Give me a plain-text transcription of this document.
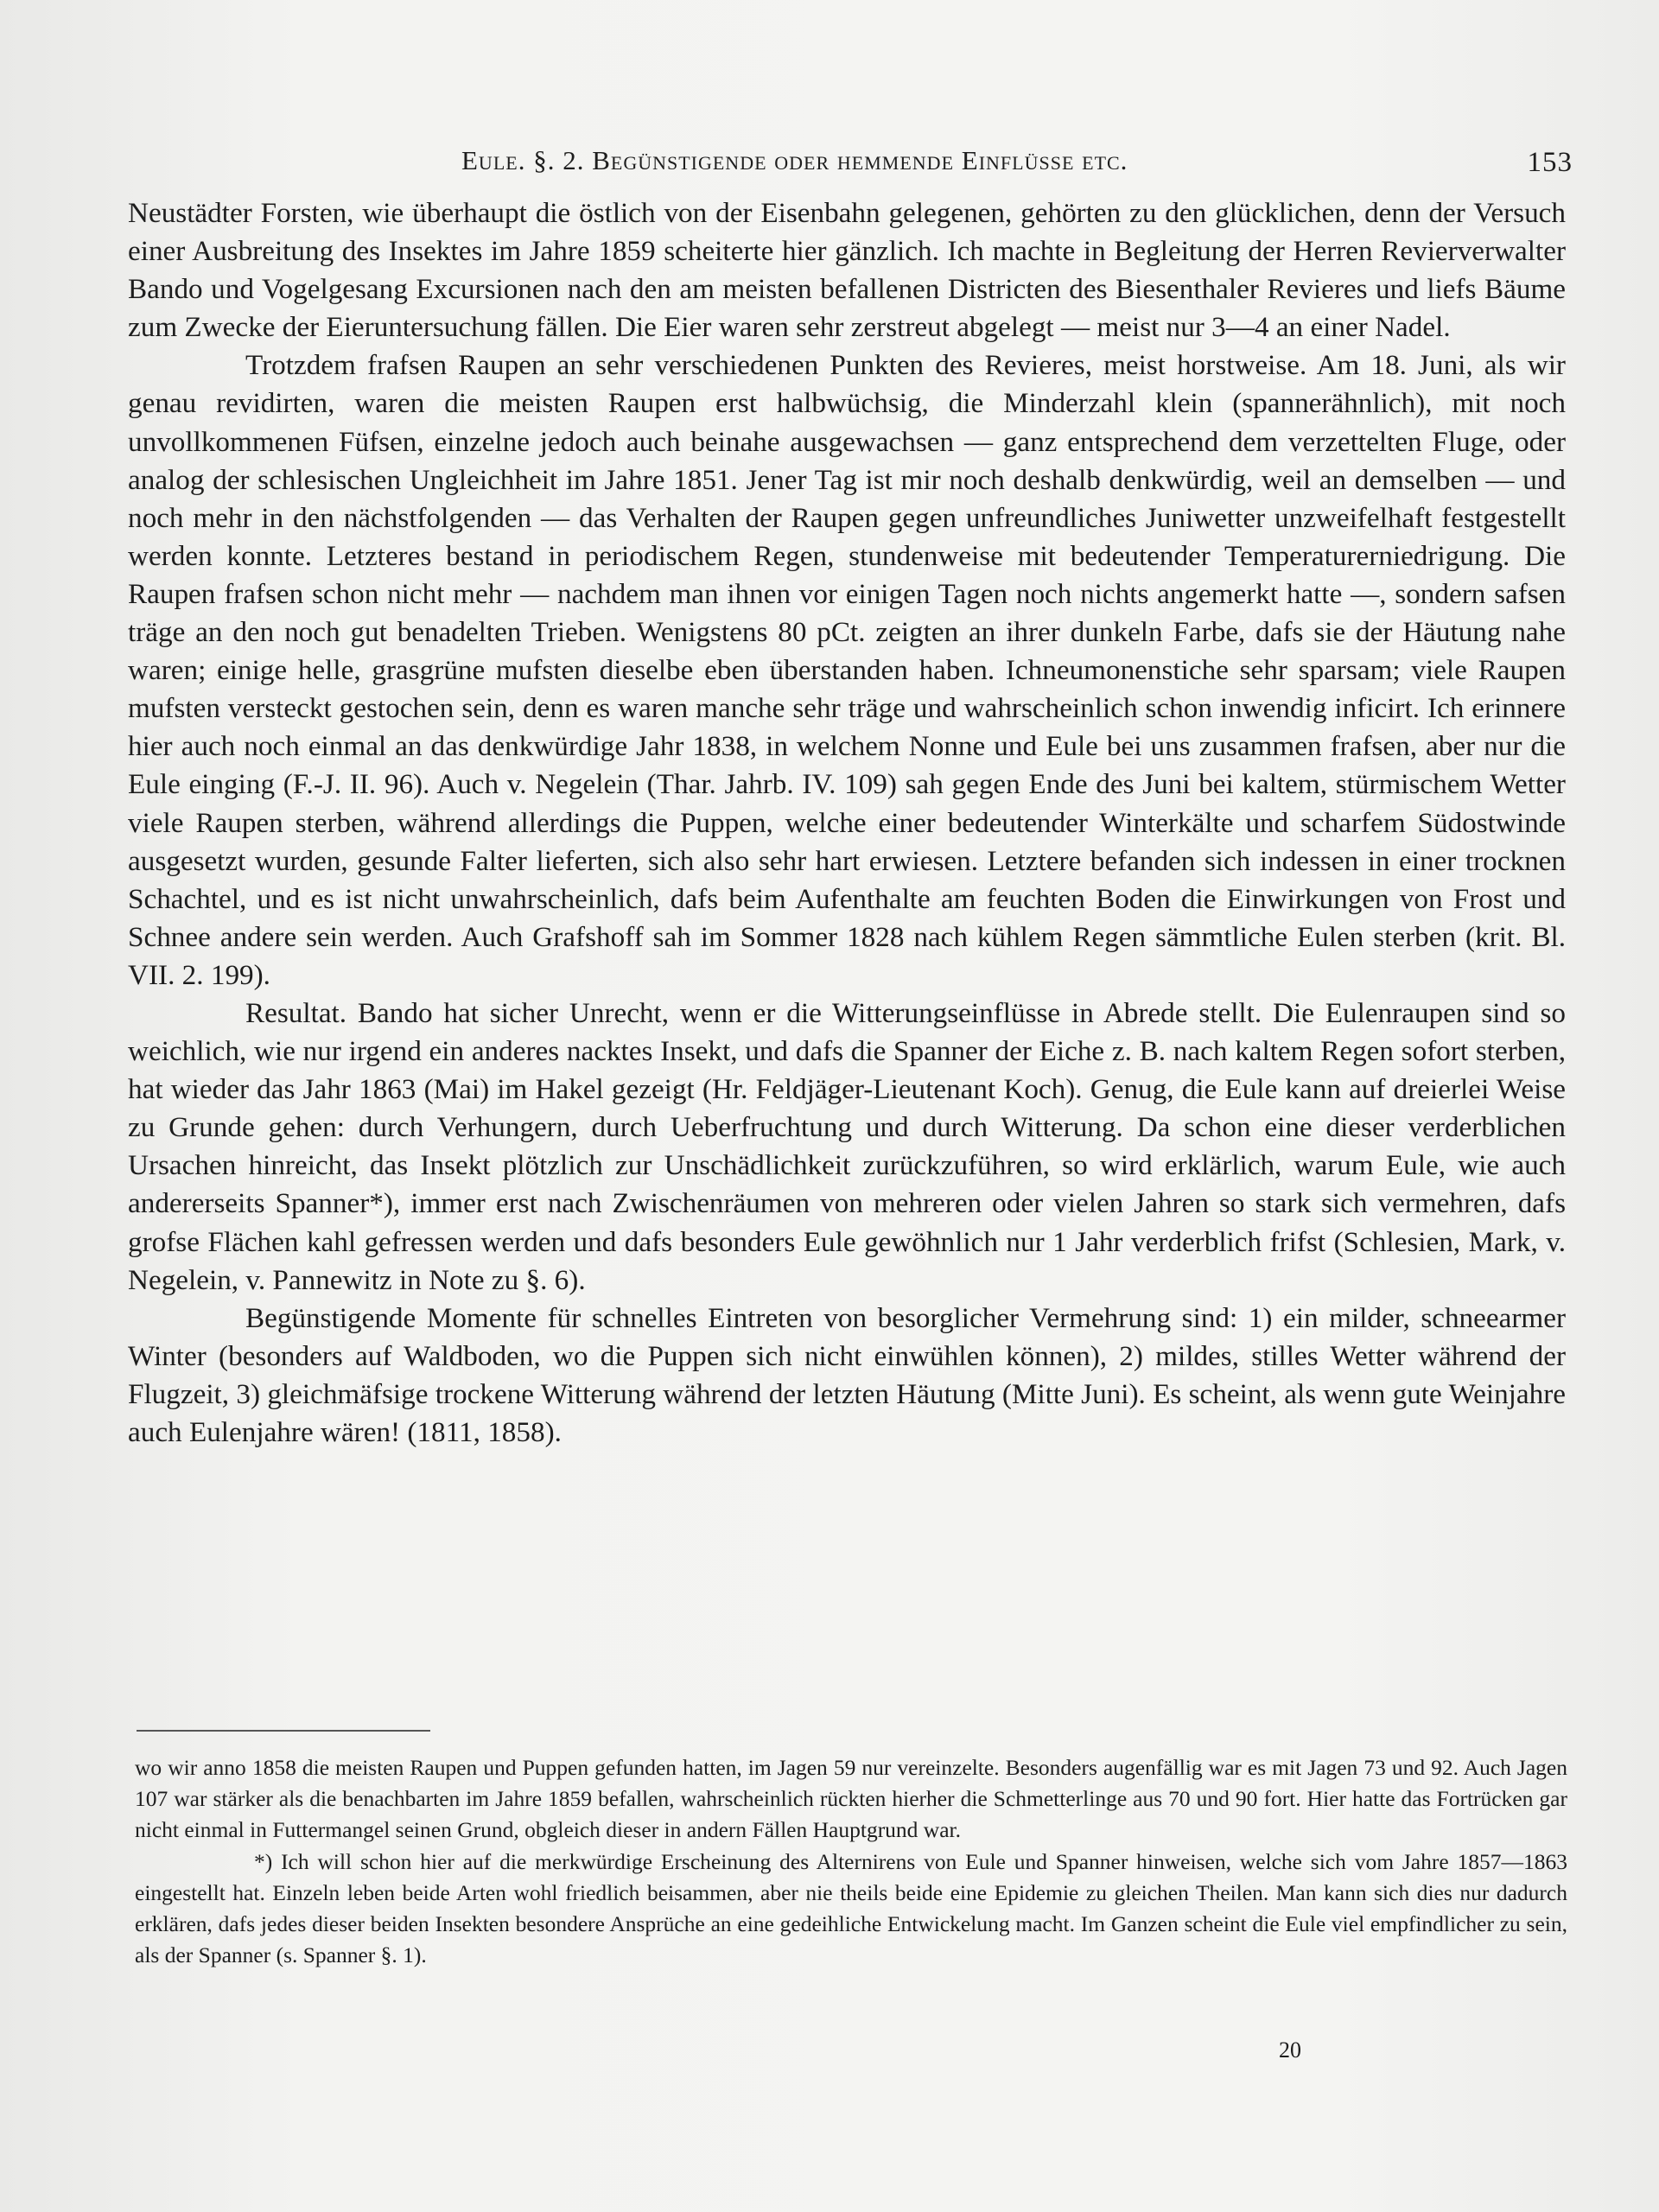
Eule. §. 2. Begünstigende oder hemmende Einflüsse etc.	153

Neustädter Forsten, wie überhaupt die östlich von der Eisenbahn gelegenen, gehörten zu den glücklichen, denn der Versuch einer Ausbreitung des Insektes im Jahre 1859 scheiterte hier gänzlich. Ich machte in Begleitung der Herren Revierverwalter Bando und Vogelgesang Excursionen nach den am meisten befallenen Districten des Biesenthaler Revieres und liefs Bäume zum Zwecke der Eieruntersuchung fällen. Die Eier waren sehr zerstreut abgelegt — meist nur 3—4 an einer Nadel.

Trotzdem frafsen Raupen an sehr verschiedenen Punkten des Revieres, meist horstweise. Am 18. Juni, als wir genau revidirten, waren die meisten Raupen erst halbwüchsig, die Minderzahl klein (spannerähnlich), mit noch unvollkommenen Füfsen, einzelne jedoch auch beinahe ausgewachsen — ganz entsprechend dem verzettelten Fluge, oder analog der schlesischen Ungleichheit im Jahre 1851. Jener Tag ist mir noch deshalb denkwürdig, weil an demselben — und noch mehr in den nächstfolgenden — das Verhalten der Raupen gegen unfreundliches Juniwetter unzweifelhaft festgestellt werden konnte. Letzteres bestand in periodischem Regen, stundenweise mit bedeutender Temperaturerniedrigung. Die Raupen frafsen schon nicht mehr — nachdem man ihnen vor einigen Tagen noch nichts angemerkt hatte —, sondern safsen träge an den noch gut benadelten Trieben. Wenigstens 80 pCt. zeigten an ihrer dunkeln Farbe, dafs sie der Häutung nahe waren; einige helle, grasgrüne mufsten dieselbe eben überstanden haben. Ichneumonenstiche sehr sparsam; viele Raupen mufsten versteckt gestochen sein, denn es waren manche sehr träge und wahrscheinlich schon inwendig inficirt. Ich erinnere hier auch noch einmal an das denkwürdige Jahr 1838, in welchem Nonne und Eule bei uns zusammen frafsen, aber nur die Eule einging (F.-J. II. 96). Auch v. Negelein (Thar. Jahrb. IV. 109) sah gegen Ende des Juni bei kaltem, stürmischem Wetter viele Raupen sterben, während allerdings die Puppen, welche einer bedeutender Winterkälte und scharfem Südostwinde ausgesetzt wurden, gesunde Falter lieferten, sich also sehr hart erwiesen. Letztere befanden sich indessen in einer trocknen Schachtel, und es ist nicht unwahrscheinlich, dafs beim Aufenthalte am feuchten Boden die Einwirkungen von Frost und Schnee andere sein werden. Auch Grafshoff sah im Sommer 1828 nach kühlem Regen sämmtliche Eulen sterben (krit. Bl. VII. 2. 199).

Resultat. Bando hat sicher Unrecht, wenn er die Witterungseinflüsse in Abrede stellt. Die Eulenraupen sind so weichlich, wie nur irgend ein anderes nacktes Insekt, und dafs die Spanner der Eiche z. B. nach kaltem Regen sofort sterben, hat wieder das Jahr 1863 (Mai) im Hakel gezeigt (Hr. Feldjäger-Lieutenant Koch). Genug, die Eule kann auf dreierlei Weise zu Grunde gehen: durch Verhungern, durch Ueberfruchtung und durch Witterung. Da schon eine dieser verderblichen Ursachen hinreicht, das Insekt plötzlich zur Unschädlichkeit zurückzuführen, so wird erklärlich, warum Eule, wie auch andererseits Spanner*), immer erst nach Zwischenräumen von mehreren oder vielen Jahren so stark sich vermehren, dafs grofse Flächen kahl gefressen werden und dafs besonders Eule gewöhnlich nur 1 Jahr verderblich frifst (Schlesien, Mark, v. Negelein, v. Pannewitz in Note zu §. 6).

Begünstigende Momente für schnelles Eintreten von besorglicher Vermehrung sind: 1) ein milder, schneearmer Winter (besonders auf Waldboden, wo die Puppen sich nicht einwühlen können), 2) mildes, stilles Wetter während der Flugzeit, 3) gleichmäfsige trockene Witterung während der letzten Häutung (Mitte Juni). Es scheint, als wenn gute Weinjahre auch Eulenjahre wären! (1811, 1858).

wo wir anno 1858 die meisten Raupen und Puppen gefunden hatten, im Jagen 59 nur vereinzelte. Besonders augenfällig war es mit Jagen 73 und 92. Auch Jagen 107 war stärker als die benachbarten im Jahre 1859 befallen, wahrscheinlich rückten hierher die Schmetterlinge aus 70 und 90 fort. Hier hatte das Fortrücken gar nicht einmal in Futtermangel seinen Grund, obgleich dieser in andern Fällen Hauptgrund war.

*) Ich will schon hier auf die merkwürdige Erscheinung des Alternirens von Eule und Spanner hinweisen, welche sich vom Jahre 1857—1863 eingestellt hat. Einzeln leben beide Arten wohl friedlich beisammen, aber nie theils beide eine Epidemie zu gleichen Theilen. Man kann sich dies nur dadurch erklären, dafs jedes dieser beiden Insekten besondere Ansprüche an eine gedeihliche Entwickelung macht. Im Ganzen scheint die Eule viel empfindlicher zu sein, als der Spanner (s. Spanner §. 1).

20
